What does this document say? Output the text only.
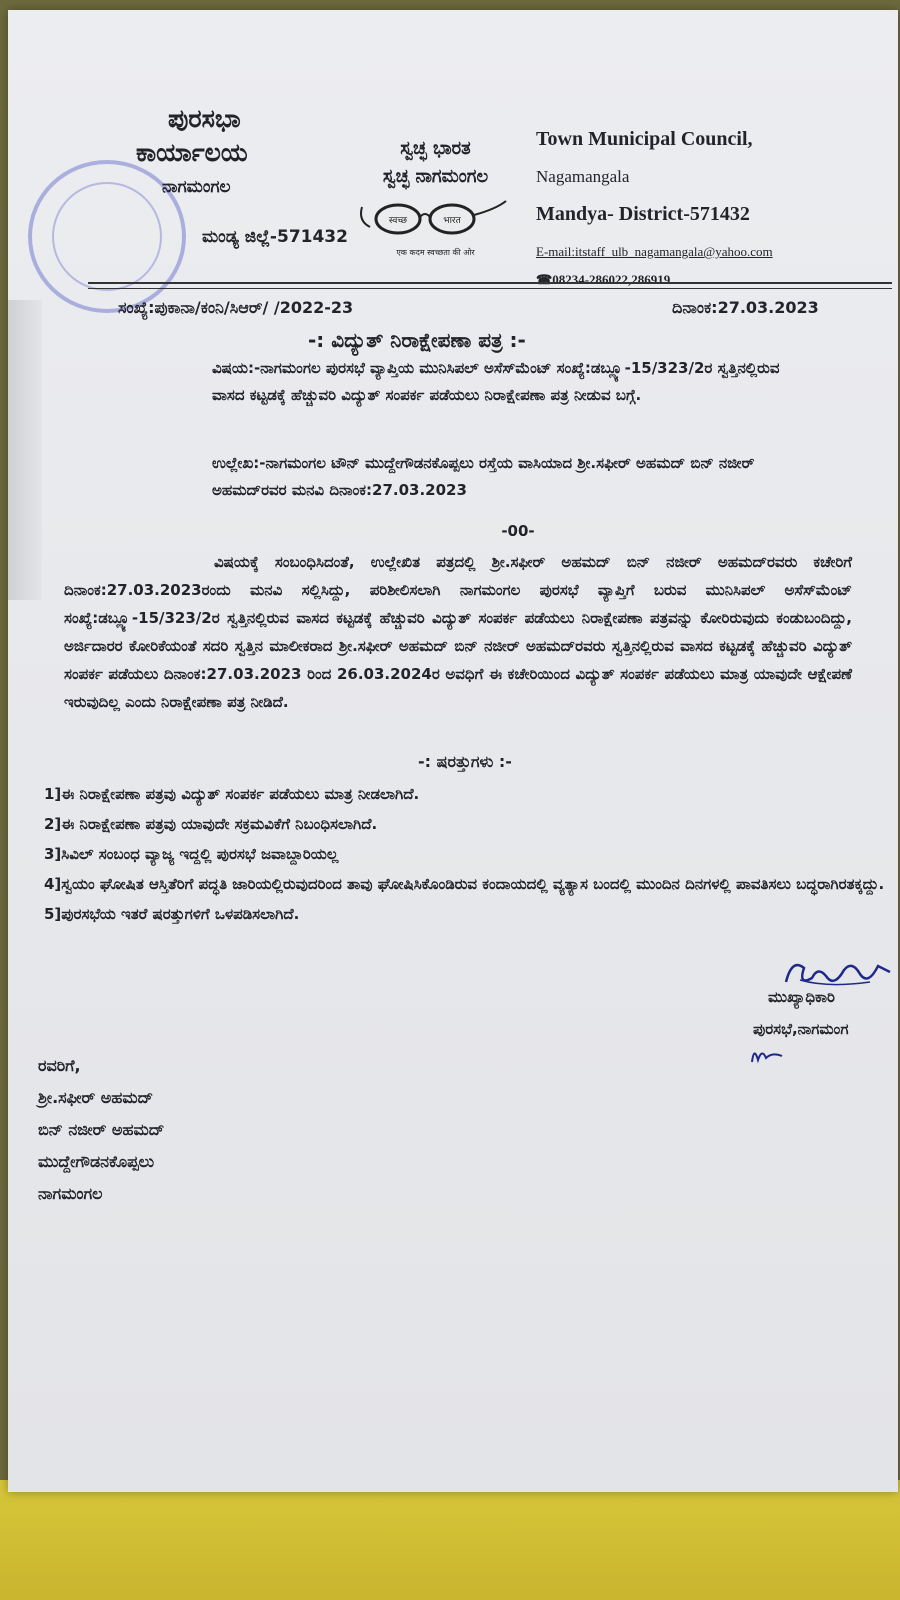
ಪುರಸಭಾ
ಕಾರ್ಯಾಲಯ
ನಾಗಮಂಗಲ
ಮಂಡ್ಯ ಜಿಲ್ಲೆ-571432
ಸ್ವಚ್ಛ ಭಾರತ
ಸ್ವಚ್ಛ ನಾಗಮಂಗಲ
स्वच्छ	भारत
एक कदम स्वच्छता की ओर
Town Municipal Council,
Nagamangala
Mandya- District-571432
E-mail:itstaff_ulb_nagamangala@yahoo.com
☎08234-286022,286919
ಸಂಖ್ಯೆ:ಪುಕಾನಾ/ಕಂನಿ/ಸಿಆರ್/ /2022-23	ದಿನಾಂಕ:27.03.2023
-: ವಿದ್ಯುತ್ ನಿರಾಕ್ಷೇಪಣಾ ಪತ್ರ :-
ವಿಷಯ:-ನಾಗಮಂಗಲ ಪುರಸಭೆ ವ್ಯಾಪ್ತಿಯ ಮುನಿಸಿಪಲ್ ಅಸೆಸ್‌ಮೆಂಟ್ ಸಂಖ್ಯೆ:ಡಬ್ಲ್ಯೂ-15/323/2ರ ಸ್ವತ್ತಿನಲ್ಲಿರುವ ವಾಸದ ಕಟ್ಟಡಕ್ಕೆ ಹೆಚ್ಚುವರಿ ವಿದ್ಯುತ್ ಸಂಪರ್ಕ ಪಡೆಯಲು ನಿರಾಕ್ಷೇಪಣಾ ಪತ್ರ ನೀಡುವ ಬಗ್ಗೆ.
ಉಲ್ಲೇಖ:-ನಾಗಮಂಗಲ ಟೌನ್ ಮುದ್ದೇಗೌಡನಕೊಪ್ಪಲು ರಸ್ತೆಯ ವಾಸಿಯಾದ ಶ್ರೀ.ಸಫೀರ್ ಅಹಮದ್ ಬಿನ್ ನಜೀರ್ ಅಹಮದ್‌ರವರ ಮನವಿ ದಿನಾಂಕ:27.03.2023
-00-
ವಿಷಯಕ್ಕೆ ಸಂಬಂಧಿಸಿದಂತೆ, ಉಲ್ಲೇಖಿತ ಪತ್ರದಲ್ಲಿ ಶ್ರೀ.ಸಫೀರ್ ಅಹಮದ್ ಬಿನ್ ನಜೀರ್ ಅಹಮದ್‌ರವರು ಕಚೇರಿಗೆ ದಿನಾಂಕ:27.03.2023ರಂದು ಮನವಿ ಸಲ್ಲಿಸಿದ್ದು, ಪರಿಶೀಲಿಸಲಾಗಿ ನಾಗಮಂಗಲ ಪುರಸಭೆ ವ್ಯಾಪ್ತಿಗೆ ಬರುವ ಮುನಿಸಿಪಲ್ ಅಸೆಸ್‌ಮೆಂಟ್ ಸಂಖ್ಯೆ:ಡಬ್ಲ್ಯೂ-15/323/2ರ ಸ್ವತ್ತಿನಲ್ಲಿರುವ ವಾಸದ ಕಟ್ಟಡಕ್ಕೆ ಹೆಚ್ಚುವರಿ ವಿದ್ಯುತ್ ಸಂಪರ್ಕ ಪಡೆಯಲು ನಿರಾಕ್ಷೇಪಣಾ ಪತ್ರವನ್ನು ಕೋರಿರುವುದು ಕಂಡುಬಂದಿದ್ದು, ಅರ್ಜಿದಾರರ ಕೋರಿಕೆಯಂತೆ ಸದರಿ ಸ್ವತ್ತಿನ ಮಾಲೀಕರಾದ ಶ್ರೀ.ಸಫೀರ್ ಅಹಮದ್ ಬಿನ್ ನಜೀರ್ ಅಹಮದ್‌ರವರು ಸ್ವತ್ತಿನಲ್ಲಿರುವ ವಾಸದ ಕಟ್ಟಡಕ್ಕೆ ಹೆಚ್ಚುವರಿ ವಿದ್ಯುತ್ ಸಂಪರ್ಕ ಪಡೆಯಲು ದಿನಾಂಕ:27.03.2023 ರಿಂದ 26.03.2024ರ ಅವಧಿಗೆ ಈ ಕಚೇರಿಯಿಂದ ವಿದ್ಯುತ್ ಸಂಪರ್ಕ ಪಡೆಯಲು ಮಾತ್ರ ಯಾವುದೇ ಆಕ್ಷೇಪಣೆ ಇರುವುದಿಲ್ಲ ಎಂದು ನಿರಾಕ್ಷೇಪಣಾ ಪತ್ರ ನೀಡಿದೆ.
-: ಷರತ್ತುಗಳು :-
1]ಈ ನಿರಾಕ್ಷೇಪಣಾ ಪತ್ರವು ವಿದ್ಯುತ್ ಸಂಪರ್ಕ ಪಡೆಯಲು ಮಾತ್ರ ನೀಡಲಾಗಿದೆ.
2]ಈ ನಿರಾಕ್ಷೇಪಣಾ ಪತ್ರವು ಯಾವುದೇ ಸಕ್ರಮವಿಕೆಗೆ ನಿಬಂಧಿಸಲಾಗಿದೆ.
3]ಸಿವಿಲ್ ಸಂಬಂಧ ವ್ಯಾಜ್ಯ ಇದ್ದಲ್ಲಿ ಪುರಸಭೆ ಜವಾಬ್ದಾರಿಯಲ್ಲ
4]ಸ್ವಯಂ ಘೋಷಿತ ಆಸ್ತಿತೆರಿಗೆ ಪದ್ಧತಿ ಜಾರಿಯಲ್ಲಿರುವುದರಿಂದ ತಾವು ಘೋಷಿಸಿಕೊಂಡಿರುವ ಕಂದಾಯದಲ್ಲಿ ವ್ಯತ್ಯಾಸ ಬಂದಲ್ಲಿ ಮುಂದಿನ ದಿನಗಳಲ್ಲಿ ಪಾವತಿಸಲು ಬದ್ಧರಾಗಿರತಕ್ಕದ್ದು.
5]ಪುರಸಭೆಯ ಇತರೆ ಷರತ್ತುಗಳಿಗೆ ಒಳಪಡಿಸಲಾಗಿದೆ.
ಮುಖ್ಯಾಧಿಕಾರಿ
ಪುರಸಭೆ,ನಾಗಮಂಗ
ರವರಿಗೆ,
ಶ್ರೀ.ಸಫೀರ್ ಅಹಮದ್
ಬಿನ್ ನಜೀರ್ ಅಹಮದ್
ಮುದ್ದೇಗೌಡನಕೊಪ್ಪಲು
ನಾಗಮಂಗಲ
